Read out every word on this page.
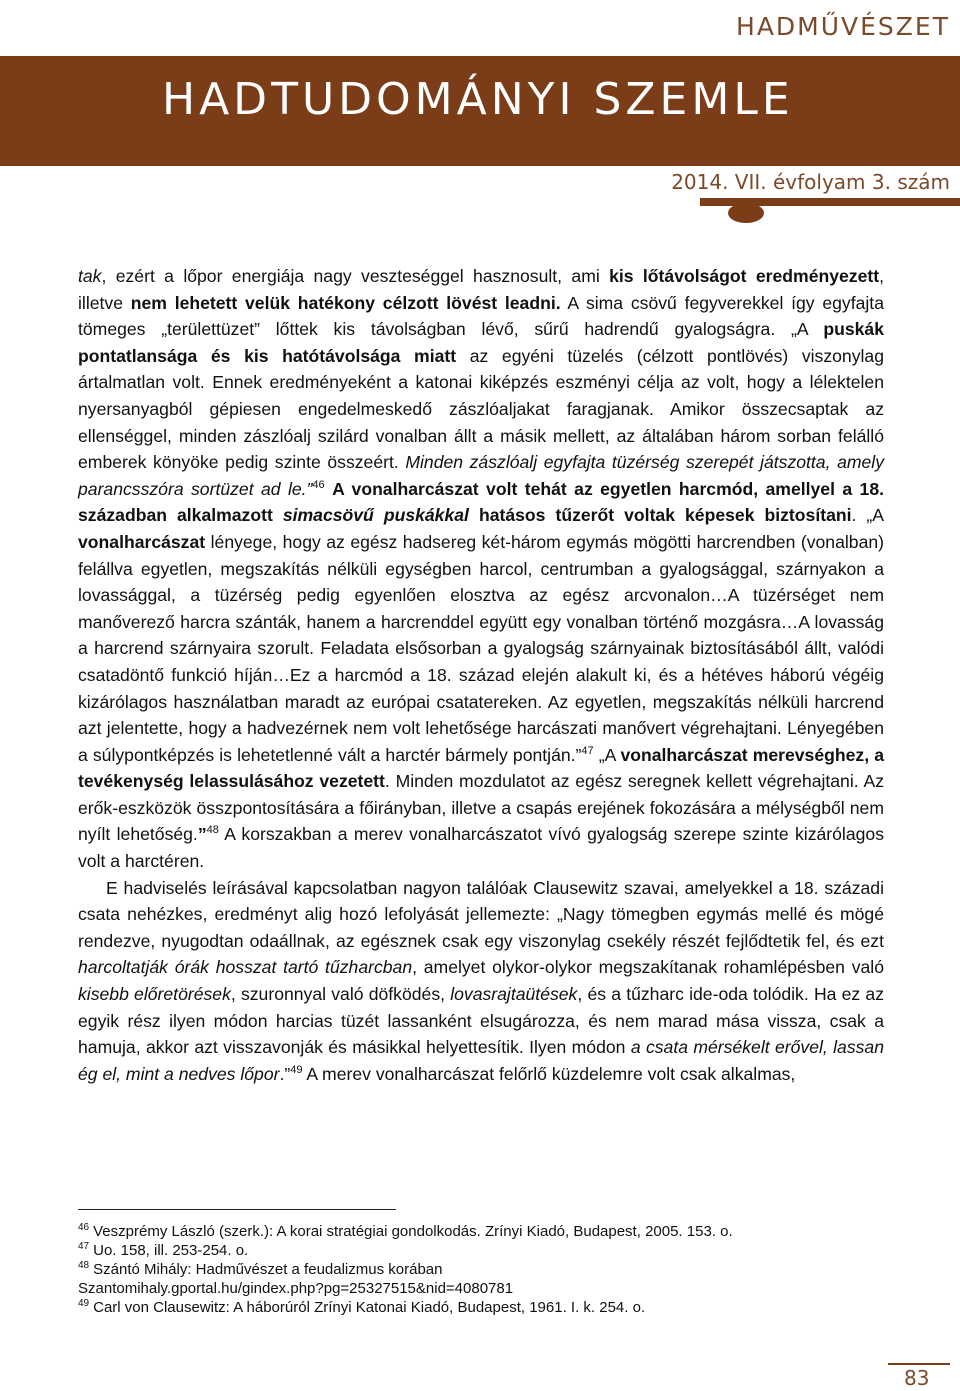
HADMŰVÉSZET
HADTUDOMÁNYI SZEMLE
2014. VII. évfolyam 3. szám

tak, ezért a lőpor energiája nagy veszteséggel hasznosult, ami kis lőtávolságot eredményezett, illetve nem lehetett velük hatékony célzott lövést leadni. A sima csövű fegyverekkel így egyfajta tömeges „területtüzet” lőttek kis távolságban lévő, sűrű hadrendű gyalogságra. „A puskák pontatlansága és kis hatótávolsága miatt az egyéni tüzelés (célzott pontlövés) viszonylag ártalmatlan volt. Ennek eredményeként a katonai kiképzés eszményi célja az volt, hogy a lélektelen nyersanyagból gépiesen engedelmeskedő zászlóaljakat faragjanak. Amikor összecsaptak az ellenséggel, minden zászlóalj szilárd vonalban állt a másik mellett, az általában három sorban felálló emberek könyöke pedig szinte összeért. Minden zászlóalj egyfajta tüzérség szerepét játszotta, amely parancsszóra sortüzet ad le.”$^{46}$ A vonalharcászat volt tehát az egyetlen harcmód, amellyel a 18. században alkalmazott simacsövű puskákkal hatásos tűzerőt voltak képesek biztosítani. „A vonalharcászat lényege, hogy az egész hadsereg két-három egymás mögötti harcrendben (vonalban) felállva egyetlen, megszakítás nélküli egységben harcol, centrumban a gyalogsággal, szárnyakon a lovassággal, a tüzérség pedig egyenlően elosztva az egész arcvonalon…A tüzérséget nem manőverező harcra szánták, hanem a harcrenddel együtt egy vonalban történő mozgásra…A lovasság a harcrend szárnyaira szorult. Feladata elsősorban a gyalogság szárnyainak biztosításából állt, valódi csatadöntő funkció híján…Ez a harcmód a 18. század elején alakult ki, és a hétéves háború végéig kizárólagos használatban maradt az európai csatatereken. Az egyetlen, megszakítás nélküli harcrend azt jelentette, hogy a hadvezérnek nem volt lehetősége harcászati manővert végrehajtani. Lényegében a súlypontképzés is lehetetlenné vált a harctér bármely pontján.”$^{47}$ „A vonalharcászat merevséghez, a tevékenység lelassulásához vezetett. Minden mozdulatot az egész seregnek kellett végrehajtani. Az erők-eszközök összpontosítására a főirányban, illetve a csapás erejének fokozására a mélységből nem nyílt lehetőség.”$^{48}$ A korszakban a merev vonalharcászatot vívó gyalogság szerepe szinte kizárólagos volt a harctéren.

E hadviselés leírásával kapcsolatban nagyon találóak Clausewitz szavai, amelyekkel a 18. századi csata nehézkes, eredményt alig hozó lefolyását jellemezte: „Nagy tömegben egymás mellé és mögé rendezve, nyugodtan odaállnak, az egésznek csak egy viszonylag csekély részét fejlődtetik fel, és ezt harcoltatják órák hosszat tartó tűzharcban, amelyet olykor-olykor megszakítanak rohamlépésben való kisebb előretörések, szuronnyal való döfködés, lovasrajtaütések, és a tűzharc ide-oda tolódik. Ha ez az egyik rész ilyen módon harcias tüzét lassanként elsugározza, és nem marad mása vissza, csak a hamuja, akkor azt visszavonják és másikkal helyettesítik. Ilyen módon a csata mérsékelt erővel, lassan ég el, mint a nedves lőpor.”$^{49}$ A merev vonalharcászat felőrlő küzdelemre volt csak alkalmas,

$^{46}$ Veszprémy László (szerk.): A korai stratégiai gondolkodás. Zrínyi Kiadó, Budapest, 2005. 153. o.
$^{47}$ Uo. 158, ill. 253-254. o.
$^{48}$ Szántó Mihály: Hadművészet a feudalizmus korában
Szantomihaly.gportal.hu/gindex.php?pg=25327515&nid=4080781
$^{49}$ Carl von Clausewitz: A háborúról Zrínyi Katonai Kiadó, Budapest, 1961. I. k. 254. o.
83
